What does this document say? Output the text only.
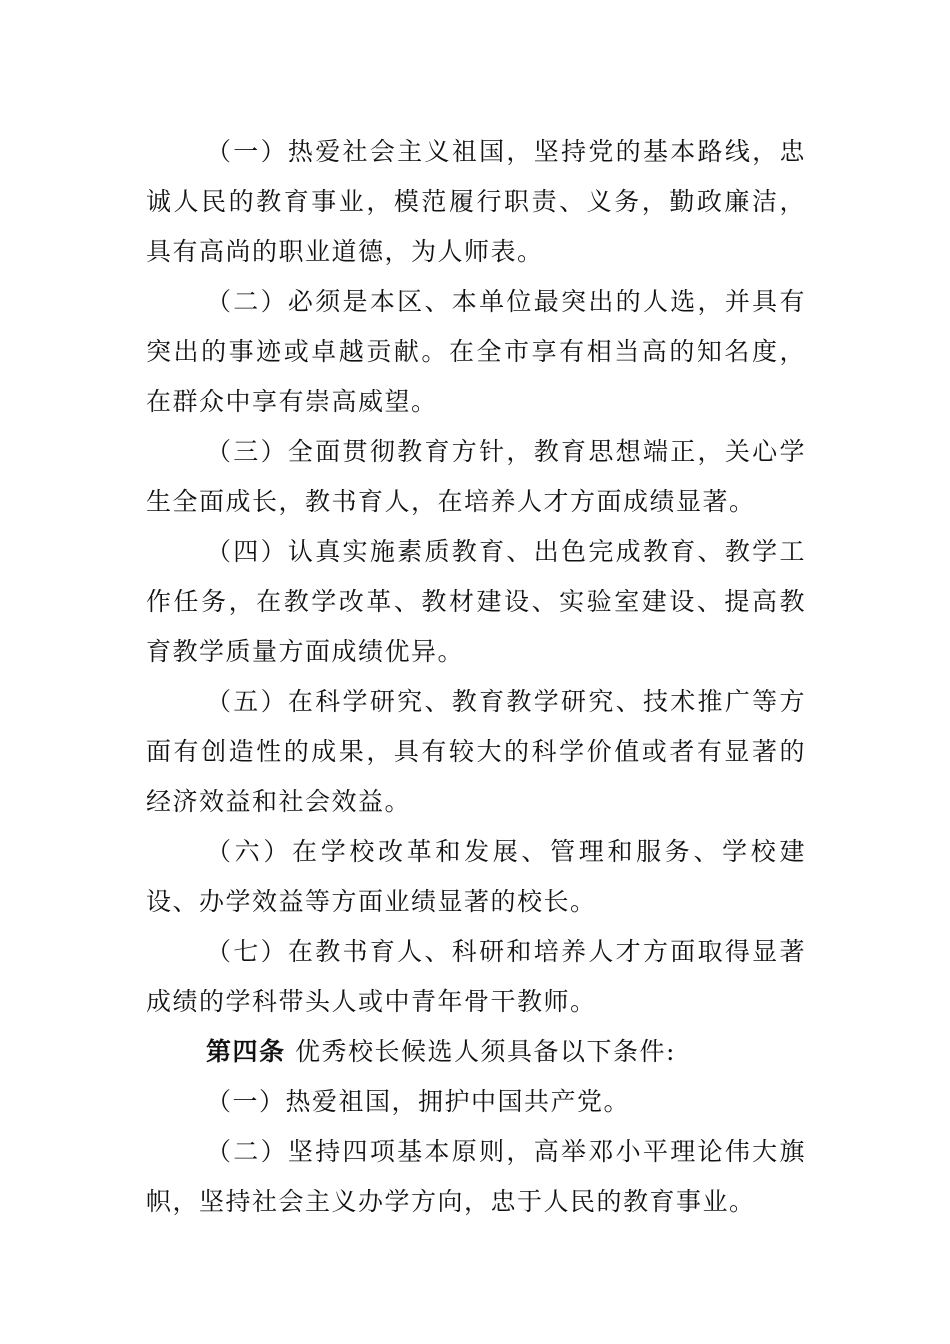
（一）热爱社会主义祖国，坚持党的基本路线，忠诚人民的教育事业，模范履行职责、义务，勤政廉洁，具有高尚的职业道德，为人师表。

（二）必须是本区、本单位最突出的人选，并具有突出的事迹或卓越贡献。在全市享有相当高的知名度，在群众中享有崇高威望。

（三）全面贯彻教育方针，教育思想端正，关心学生全面成长，教书育人，在培养人才方面成绩显著。

（四）认真实施素质教育、出色完成教育、教学工作任务，在教学改革、教材建设、实验室建设、提高教育教学质量方面成绩优异。

（五）在科学研究、教育教学研究、技术推广等方面有创造性的成果，具有较大的科学价值或者有显著的经济效益和社会效益。

（六）在学校改革和发展、管理和服务、学校建设、办学效益等方面业绩显著的校长。

（七）在教书育人、科研和培养人才方面取得显著成绩的学科带头人或中青年骨干教师。

第四条 优秀校长候选人须具备以下条件:

（一）热爱祖国，拥护中国共产党。

（二）坚持四项基本原则，高举邓小平理论伟大旗帜，坚持社会主义办学方向，忠于人民的教育事业。
